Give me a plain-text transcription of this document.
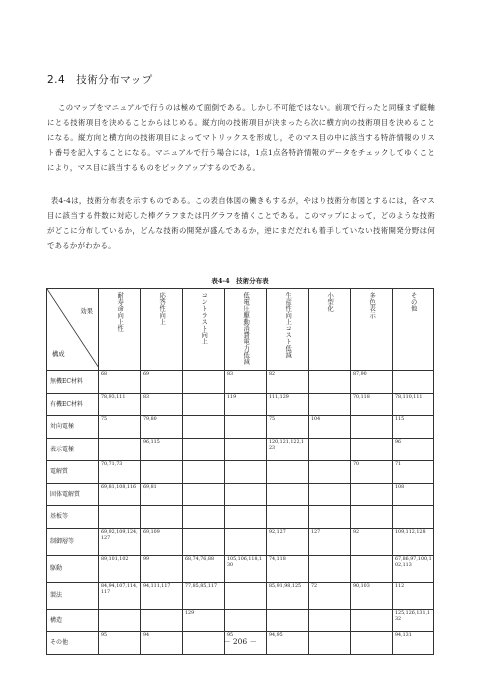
2.4　技術分布マップ

このマップをマニュアルで行うのは極めて面倒である。しかし不可能ではない。前項で行ったと同様まず縦軸にとる技術項目を決めることからはじめる。縦方向の技術項目が決まったら次に横方向の技術項目を決めることになる。縦方向と横方向の技術項目によってマトリックスを形成し，そのマス目の中に該当する特許情報のリスト番号を記入することになる。マニュアルで行う場合には，1点1点各特許情報のデータをチェックしてゆくことにより，マス目に該当するものをピックアップするのである。

表4-4は，技術分布表を示すものである。この表自体図の働きもするが，やはり技術分布図とするには，各マス目に該当する件数に対応した棒グラフまたは円グラフを描くことである。このマップによって，どのような技術がどこに分布しているか，どんな技術の開発が盛んであるか，逆にまだだれも着手していない技術開発分野は何であるかがわかる。

表4-4　技術分布表
効果
構成	耐寿命向上性	応答性向上	コントラスト向上	低電圧駆動消費電力低減	生産性向上コスト低減	小型化	多色表示	その他

無機EC材料	68	69		83	82		87,90	
有機EC材料	78,93,111	83		119	111,129		70,118	78,110,111
対向電極	75	79,80			75	104		115
表示電極		96,115			120,121,122,123			96
電解質	70,71,73						70	71
固体電解質	69,81,108,116	69,81						108
基板等								
制御層等	69,92,109,124,127	69,109			92,127	127	92	109,112,128
駆動	89,101,102	99	68,74,76,88	105,106,118,130	74,118			67,86,97,100,102,113
製法	84,94,107,114,117	94,111,117	77,85,85,117		85,91,98,125	72	90,103	112
構造			129					125,126,131,132
その他	95	94		95	94,95			94,131
－ 206 －
